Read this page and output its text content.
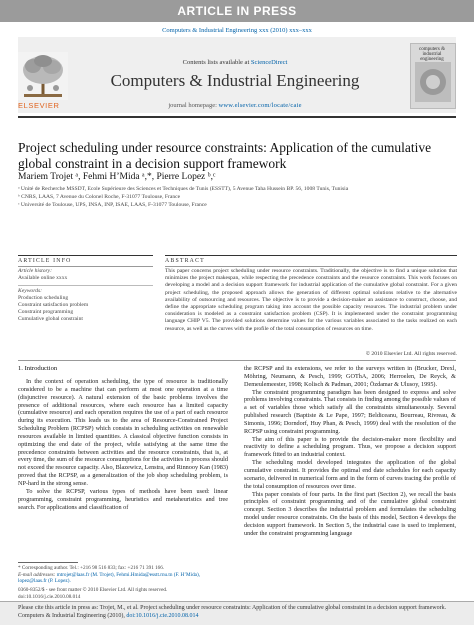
ARTICLE IN PRESS
Computers & Industrial Engineering xxx (2010) xxx–xxx
ELSEVIER
Contents lists available at ScienceDirect
Computers & Industrial Engineering
journal homepage: www.elsevier.com/locate/caie
computers & industrial engineering
Project scheduling under resource constraints: Application of the cumulative global constraint in a decision support framework
Mariem Trojet ᵃ, Fehmi H’Mida ᵃ,*, Pierre Lopez ᵇ,ᶜ
ᵃ Unité de Recherche MSSDT, Ecole Supérieure des Sciences et Techniques de Tunis (ESSTT), 5 Avenue Taha Hussein BP. 56, 1008 Tunis, Tunisia
ᵇ CNRS, LAAS, 7 Avenue du Colonel Roche, F-31077 Toulouse, France
ᶜ Université de Toulouse, UPS, INSA, INP, ISAE, LAAS, F-31077 Toulouse, France
ARTICLE INFO
Article history:
Available online xxxx
Keywords:
Production scheduling
Constraint satisfaction problem
Constraint programming
Cumulative global constraint
ABSTRACT
This paper concerns project scheduling under resource constraints. Traditionally, the objective is to find a unique solution that minimizes the project makespan, while respecting the precedence constraints and the resource constraints. This work focuses on developing a model and a decision support framework for industrial application of the cumulative global constraint. For a given project scheduling, the proposed approach allows the generation of different optimal solutions relative to the alternative availability of outsourcing and resources. The objective is to provide a decision-maker an assistance to construct, choose, and define the appropriate scheduling program taking into account the possible capacity resources. The industrial problem under consideration is modeled as a constraint satisfaction problem (CSP). It is implemented under the constraint programming language CHIP V5. The provided solutions determine values for the various variables associated to the tasks realized on each resource, as well as the curves with the profile of the total consumption of resources on time.
© 2010 Elsevier Ltd. All rights reserved.
1. Introduction

In the context of operation scheduling, the type of resource is traditionally considered to be a machine that can perform at most one operation at a time (disjunctive resource). A natural extension of the basic problems involves the presence of additional resources, where each resource has a limited capacity (cumulative resource) and each operation requires the use of a part of each resource during its execution. This leads us to the area of Resource-Constrained Project Scheduling Problem (RCPSP) which consists in scheduling activities on renewable resources available in limited quantities. A classical objective function consists in optimizing the end date of the project, while satisfying at the same time the precedence constraints between activities and the resource constraints, that is, at every time, the sum of the resource consumptions for the activities in process should not exceed the resource capacity. Also, Blazewicz, Lenstra, and Rinnooy Kan (1983) proved that the RCPSP, as a generalization of the job shop scheduling problem, is NP-hard in the strong sense.

To solve the RCPSP, various types of methods have been used: linear programming, constraint programming, heuristics and metaheuristics and tree search. For applications and classification of

the RCPSP and its extensions, we refer to the surveys written in (Brucker, Drexl, Möhring, Neumann, & Pesch, 1999; GOThA, 2006; Herroelen, De Reyck, & Demeulemeester, 1998; Kolisch & Padman, 2001; Özdamar & Ulusoy, 1995).

The constraint programming paradigm has been designed to express and solve problems involving constraints. That consists in finding among the possible values of a set of variables those which satisfy all the constraints simultaneously. Several published research (Baptiste & Le Pape, 1997; Beldiceanu, Bourreau, Rivreau, & Simonis, 1996; Dorndorf, Huy Phan, & Pesch, 1999) deal with the resolution of the RCPSP using constraint programming.

The aim of this paper is to provide the decision-maker more flexibility and reactivity to define a scheduling program. Thus, we propose a decision support framework fitted to an industrial context.

The scheduling model developed integrates the application of the global cumulative constraint. It provides the optimal end date schedules for each capacity scenario, delivered in numerical form and in the form of curves tracing the profile of the total consumption of resources over time.

This paper consists of four parts. In the first part (Section 2), we recall the basis principles of constraint programming and of the cumulative global constraint concept. Section 3 describes the industrial problem and formulates the scheduling model under resource constraints. On the basis of this model, Section 4 develops the decision support framework. In Section 5, the industrial case is used to implement, under the constraint programming language

* Corresponding author. Tel.: +216 98 516 833; fax: +216 71 391 166.
E-mail addresses: mtrojet@laas.fr (M. Trojet), Fehmi.Hmida@esstt.rnu.tn (F. H’Mida),
lopez@laas.fr (P. Lopez).
0360-8352/$ - see front matter © 2010 Elsevier Ltd. All rights reserved.
doi:10.1016/j.cie.2010.08.014
Please cite this article in press as: Trojet, M., et al. Project scheduling under resource constraints: Application of the cumulative global constraint in a decision support framework. Computers & Industrial Engineering (2010), doi:10.1016/j.cie.2010.08.014
